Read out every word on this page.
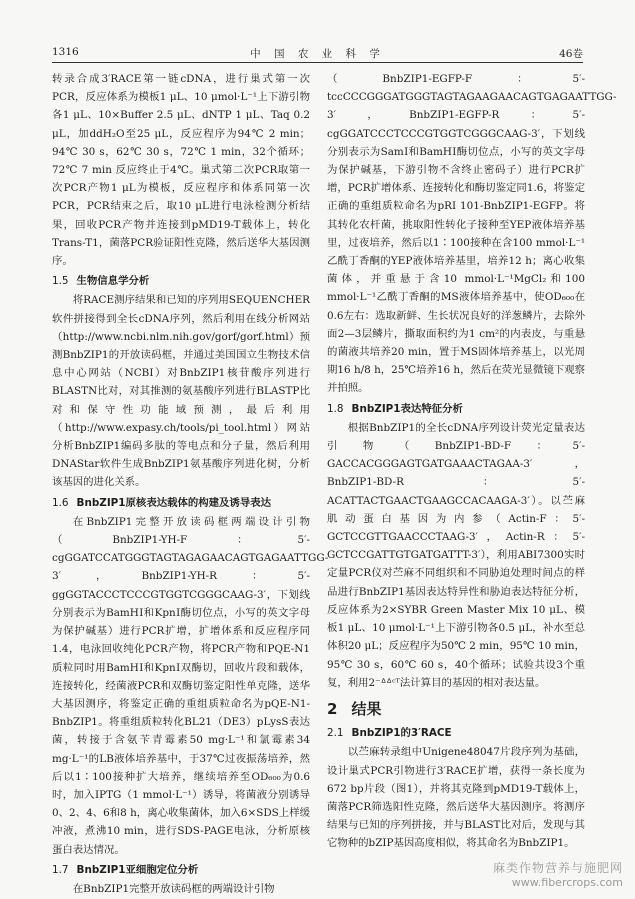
1316	中 国 农 业 科 学	46卷

转录合成3′RACE第一链cDNA，进行巢式第一次PCR，反应体系为模板1 μL、10 μmol·L⁻¹上下游引物各1 μL、10×Buffer 2.5 μL、dNTP 1 μL、Taq 0.2 μL，加ddH₂O至25 μL，反应程序为94℃ 2 min；94℃ 30 s，62℃ 30 s，72℃ 1 min，32个循环；72℃ 7 min 反应终止于4℃。巢式第二次PCR取第一次PCR产物1 μL为模板，反应程序和体系同第一次PCR，PCR结束之后，取10 μL进行电泳检测分析结果，回收PCR产物并连接到pMD19-T载体上，转化Trans-T1，菌落PCR验证阳性克隆，然后送华大基因测序。

1.5 生物信息学分析

将RACE测序结果和已知的序列用SEQUENCHER软件拼接得到全长cDNA序列，然后利用在线分析网站（http://www.ncbi.nlm.nih.gov/gorf/gorf.html）预测BnbZIP1的开放读码框，并通过美国国立生物技术信息中心网站（NCBI）对BnbZIP1核苷酸序列进行BLASTN比对，对其推测的氨基酸序列进行BLASTP比对和保守性功能域预测，最后利用（http://www.expasy.ch/tools/pi_tool.html）网站分析BnbZIP1编码多肽的等电点和分子量，然后利用DNAStar软件生成BnbZIP1氨基酸序列进化树，分析该基因的进化关系。

1.6 BnbZIP1原核表达载体的构建及诱导表达

在BnbZIP1完整开放读码框两端设计引物（BnbZIP1-YH-F：5′-cgGGATCCATGGGTAGTAGAGAACAGTGAGAATTGG-3′，BnbZIP1-YH-R：5′-ggGGTACCCTCCCGTGGTCGGGCAAG-3′，下划线分别表示为BamHⅠ和KpnⅠ酶切位点，小写的英文字母为保护碱基）进行PCR扩增，扩增体系和反应程序同1.4，电泳回收纯化PCR产物，将PCR产物和PQE-N1质粒同时用BamHⅠ和KpnⅠ双酶切，回收片段和载体，连接转化，经菌液PCR和双酶切鉴定阳性单克隆，送华大基因测序，将鉴定正确的重组质粒命名为pQE-N1-BnbZIP1。将重组质粒转化BL21（DE3）pLysS表达菌，转接于含氨苄青霉素50 mg·L⁻¹和氯霉素34 mg·L⁻¹的LB液体培养基中，于37℃过夜振荡培养，然后以1∶100接种扩大培养，继续培养至OD₆₀₀为0.6时，加入IPTG（1 mmol·L⁻¹）诱导，将菌液分别诱导0、2、4、6和8 h，离心收集菌体，加入6×SDS上样缓冲液，煮沸10 min，进行SDS-PAGE电泳，分析原核蛋白表达情况。

1.7 BnbZIP1亚细胞定位分析

在BnbZIP1完整开放读码框的两端设计引物

（BnbZIP1-EGFP-F：5′-tccCCCGGGATGGGTAGTAGAAGAACAGTGAGAATTGG-3′，BnbZIP1-EGFP-R：5′-cgGGATCCCTCCCGTGGTCGGGCAAG-3′，下划线分别表示为SamⅠ和BamHⅠ酶切位点，小写的英文字母为保护碱基，下游引物不含终止密码子）进行PCR扩增，PCR扩增体系、连接转化和酶切鉴定同1.6，将鉴定正确的重组质粒命名为pRI 101-BnbZIP1-EGFP。将其转化农杆菌，挑取阳性转化子接种至YEP液体培养基里，过夜培养，然后以1∶100接种在含100 mmol·L⁻¹乙酰丁香酮的YEP液体培养基里，培养12 h；离心收集菌体，并重悬于含10 mmol·L⁻¹MgCl₂和100 mmol·L⁻¹乙酰丁香酮的MS液体培养基中，使OD₆₀₀在0.6左右：选取新鲜、生长状况良好的洋葱鳞片，去除外面2—3层鳞片，撕取面积约为1 cm²的内表皮，与重悬的菌液共培养20 min，置于MS固体培养基上，以光周期16 h/8 h，25℃培养16 h，然后在荧光显微镜下观察并拍照。

1.8 BnbZIP1表达特征分析

根据BnbZIP1的全长cDNA序列设计荧光定量表达引物（BnbZIP1-BD-F：5′-GACCACGGGAGTGATGAAACTAGAA-3′，BnbZIP1-BD-R：5′-ACATTACTGAACTGAAGCCACAAGA-3′）。以苎麻肌动蛋白基因为内参（Actin-F：5′-GCTCCGTTGAACCCTAAG-3′，Actin-R：5′-GCTCCGATTGTGATGATTT-3′），利用ABI7300实时定量PCR仪对苎麻不同组织和不同胁迫处理时间点的样品进行BnbZIP1基因表达特异性和胁迫表达特征分析，反应体系为2×SYBR Green Master Mix 10 μL、模板1 μL、10 μmol·L⁻¹上下游引物各0.5 μL，补水至总体积20 μL；反应程序为50℃ 2 min，95℃ 10 min，95℃ 30 s，60℃ 60 s，40个循环；试验共设3个重复，利用2⁻ᐞᐞᶜᵀ法计算目的基因的相对表达量。

2 结果
2.1 BnbZIP1的3′RACE

以苎麻转录组中Unigene48047片段序列为基础，设计巢式PCR引物进行3′RACE扩增，获得一条长度为672 bp片段（图1），并将其克隆到pMD19-T载体上，菌落PCR筛选阳性克隆，然后送华大基因测序。将测序结果与已知的序列拼接，并与BLAST比对后，发现与其它物种的bZIP基因高度相似，将其命名为BnbZIP1。

麻类作物营养与施肥网
www.fibercrops.com
